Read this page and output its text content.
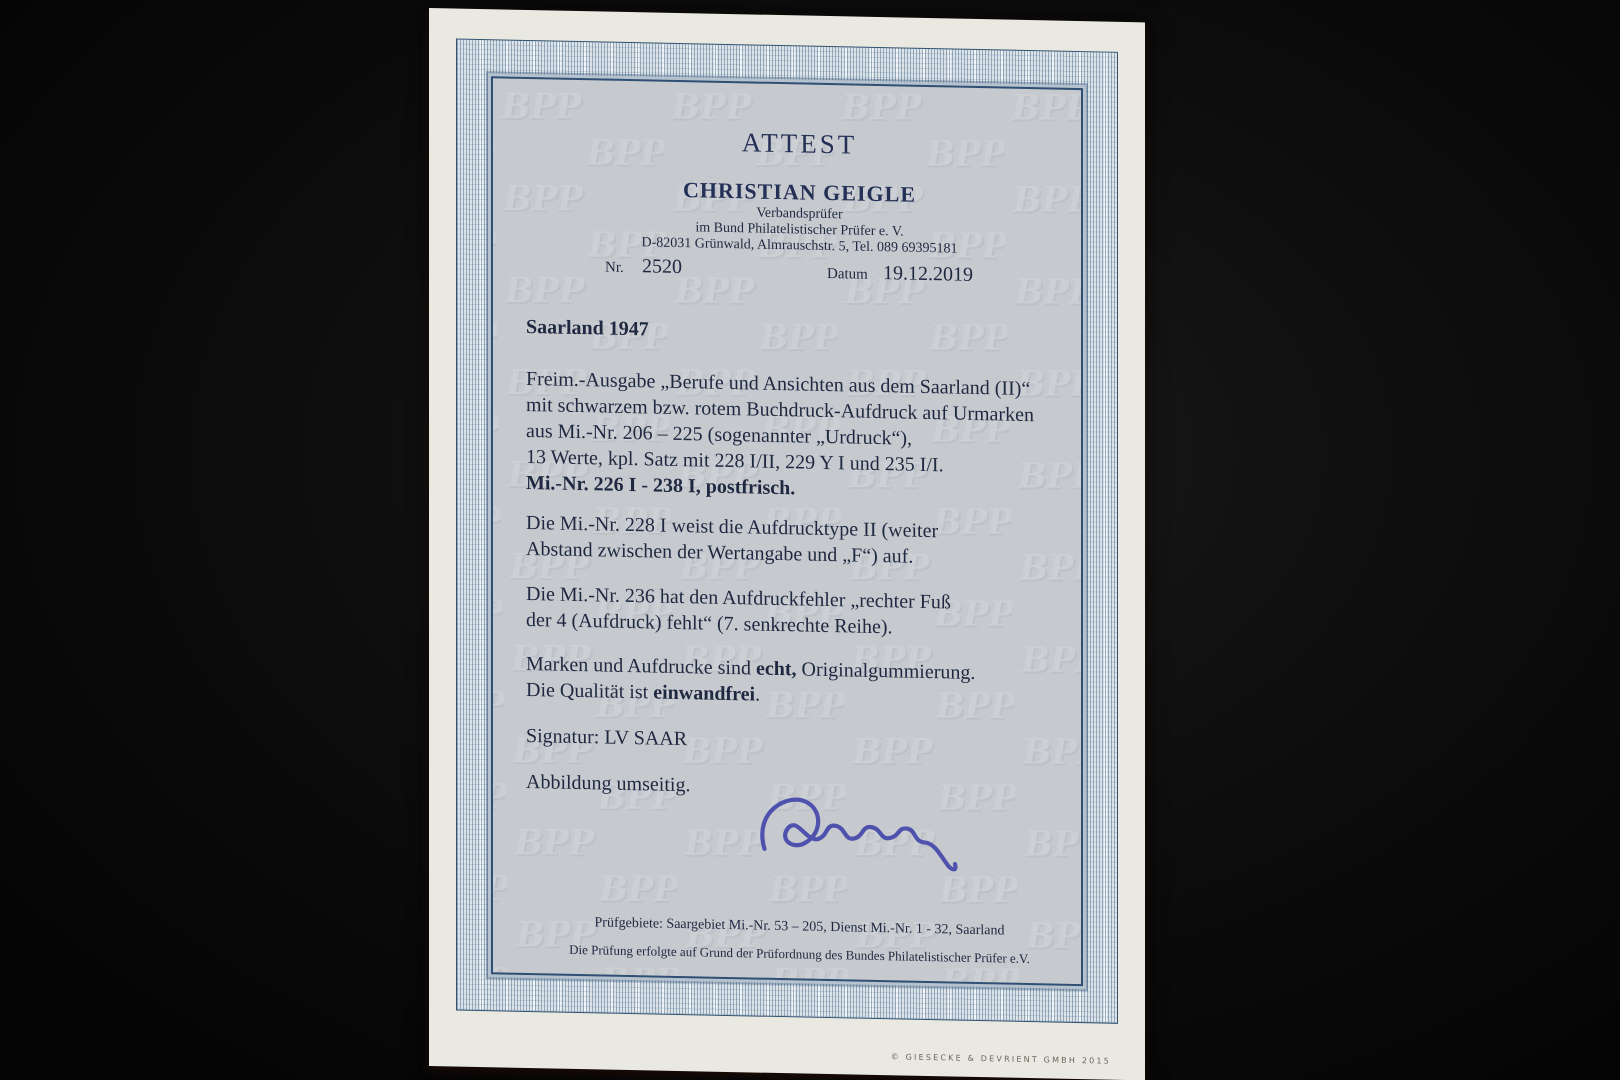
ATTEST
CHRISTIAN GEIGLE
Verbandsprüfer
im Bund Philatelistischer Prüfer e. V.
D-82031 Grünwald, Almrauschstr. 5, Tel. 089 69395181
Nr. 2520	Datum 19.12.2019
Saarland 1947
Freim.-Ausgabe „Berufe und Ansichten aus dem Saarland (II)“
mit schwarzem bzw. rotem Buchdruck-Aufdruck auf Urmarken
aus Mi.-Nr. 206 – 225 (sogenannter „Urdruck“),
13 Werte, kpl. Satz mit 228 I/II, 229 Y I und 235 I/I.
Mi.-Nr. 226 I - 238 I, postfrisch.
Die Mi.-Nr. 228 I weist die Aufdrucktype II (weiter
Abstand zwischen der Wertangabe und „F“) auf.
Die Mi.-Nr. 236 hat den Aufdruckfehler „rechter Fuß
der 4 (Aufdruck) fehlt“ (7. senkrechte Reihe).
Marken und Aufdrucke sind echt, Originalgummierung.
Die Qualität ist einwandfrei.
Signatur: LV SAAR
Abbildung umseitig.
Prüfgebiete: Saargebiet Mi.-Nr. 53 – 205, Dienst Mi.-Nr. 1 - 32, Saarland
Die Prüfung erfolgte auf Grund der Prüfordnung des Bundes Philatelistischer Prüfer e.V.
© GIESECKE & DEVRIENT GMBH 2015
